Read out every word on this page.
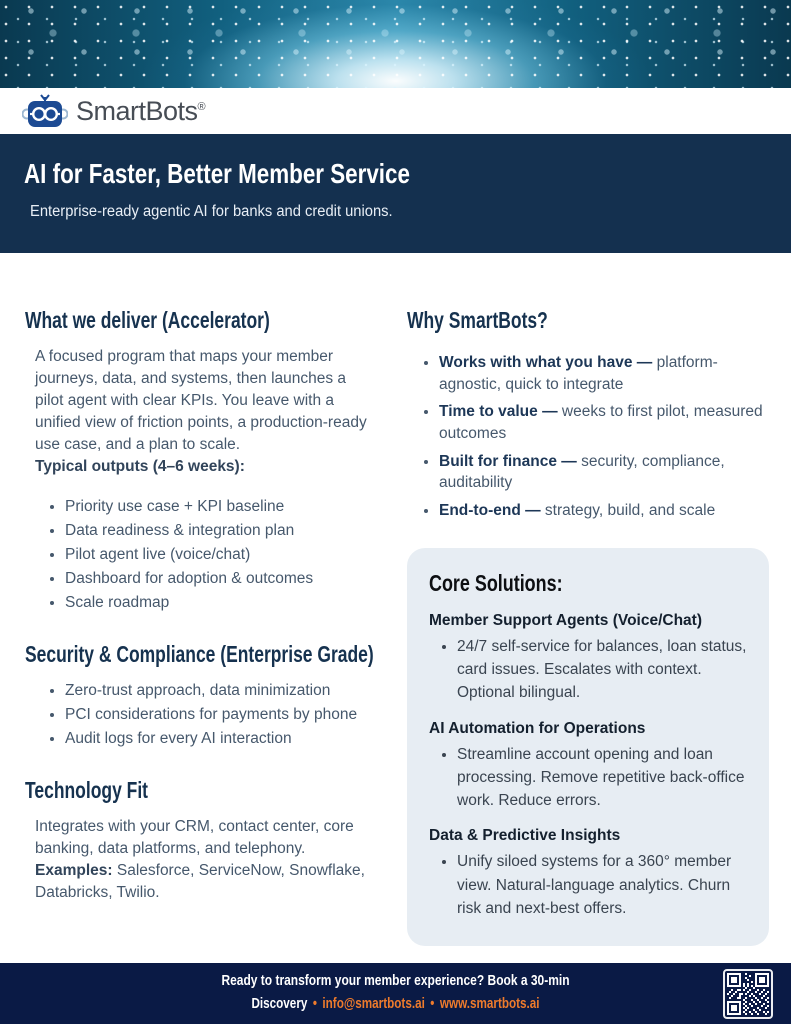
SmartBots®
AI for Faster, Better Member Service
Enterprise-ready agentic AI for banks and credit unions.
What we deliver (Accelerator)

A focused program that maps your member journeys, data, and systems, then launches a pilot agent with clear KPIs. You leave with a unified view of friction points, a production-ready use case, and a plan to scale.

Typical outputs (4–6 weeks):

• Priority use case + KPI baseline
• Data readiness & integration plan
• Pilot agent live (voice/chat)
• Dashboard for adoption & outcomes
• Scale roadmap
Security & Compliance (Enterprise Grade)
• Zero-trust approach, data minimization
• PCI considerations for payments by phone
• Audit logs for every AI interaction
Technology Fit

Integrates with your CRM, contact center, core banking, data platforms, and telephony. Examples: Salesforce, ServiceNow, Snowflake, Databricks, Twilio.

Why SmartBots?
• Works with what you have — platform-agnostic, quick to integrate
• Time to value — weeks to first pilot, measured outcomes
• Built for finance — security, compliance, auditability
• End-to-end — strategy, build, and scale
Core Solutions:
Member Support Agents (Voice/Chat)
• 24/7 self-service for balances, loan status, card issues. Escalates with context. Optional bilingual.
AI Automation for Operations
• Streamline account opening and loan processing. Remove repetitive back-office work. Reduce errors.
Data & Predictive Insights
• Unify siloed systems for a 360° member view. Natural-language analytics. Churn risk and next-best offers.
Ready to transform your member experience? Book a 30-min
Discovery • info@smartbots.ai • www.smartbots.ai
